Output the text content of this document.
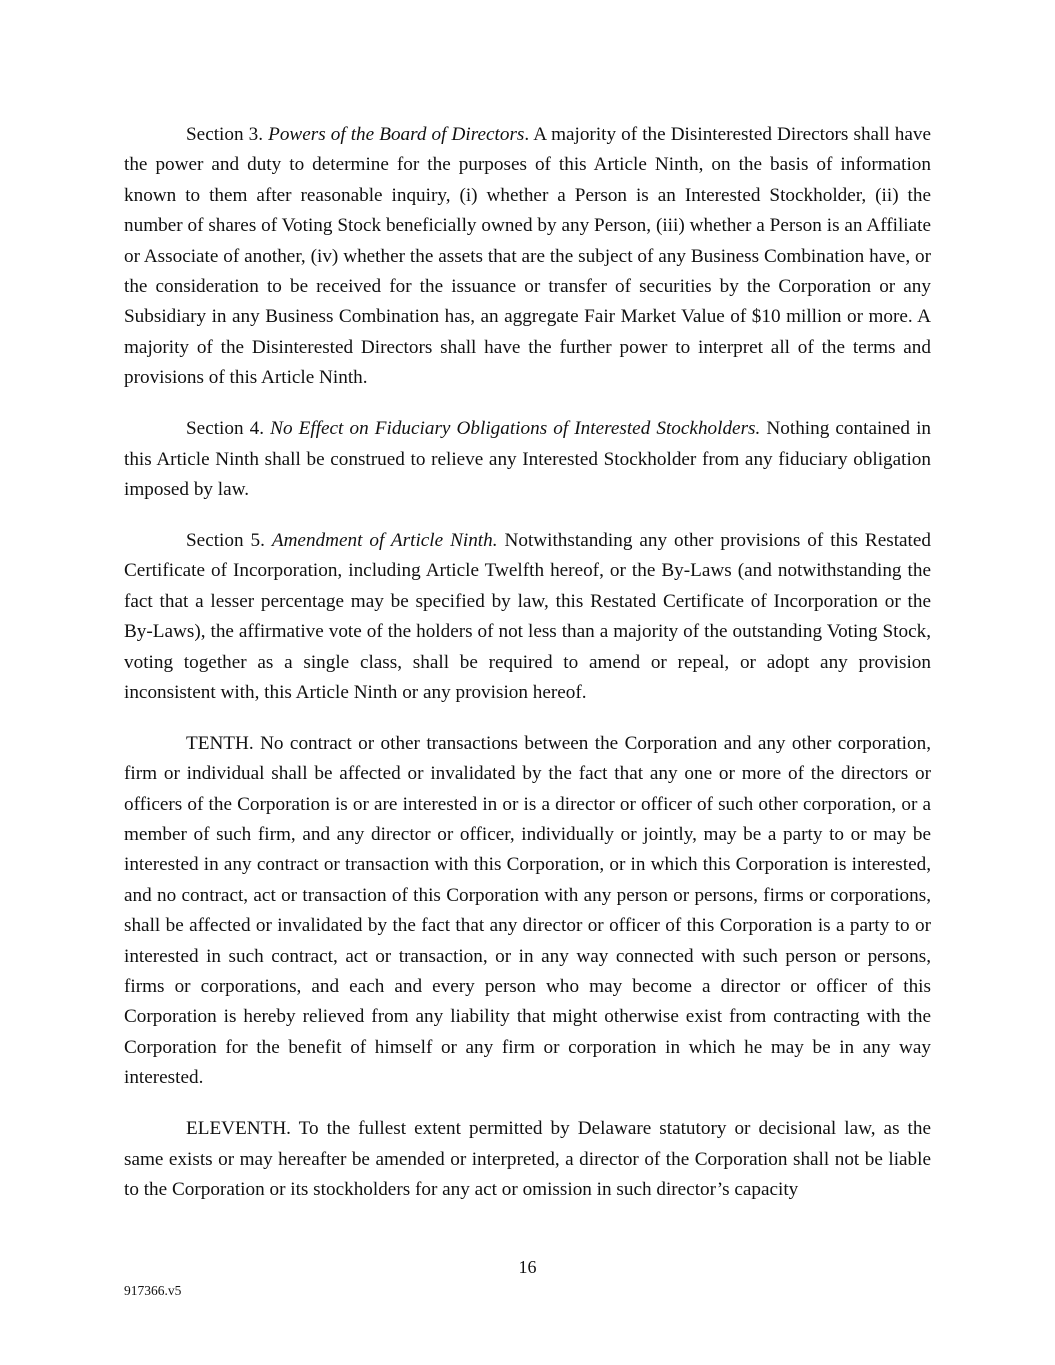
Section 3. Powers of the Board of Directors. A majority of the Disinterested Directors shall have the power and duty to determine for the purposes of this Article Ninth, on the basis of information known to them after reasonable inquiry, (i) whether a Person is an Interested Stockholder, (ii) the number of shares of Voting Stock beneficially owned by any Person, (iii) whether a Person is an Affiliate or Associate of another, (iv) whether the assets that are the subject of any Business Combination have, or the consideration to be received for the issuance or transfer of securities by the Corporation or any Subsidiary in any Business Combination has, an aggregate Fair Market Value of $10 million or more. A majority of the Disinterested Directors shall have the further power to interpret all of the terms and provisions of this Article Ninth.

Section 4. No Effect on Fiduciary Obligations of Interested Stockholders. Nothing contained in this Article Ninth shall be construed to relieve any Interested Stockholder from any fiduciary obligation imposed by law.

Section 5. Amendment of Article Ninth. Notwithstanding any other provisions of this Restated Certificate of Incorporation, including Article Twelfth hereof, or the By-Laws (and notwithstanding the fact that a lesser percentage may be specified by law, this Restated Certificate of Incorporation or the By-Laws), the affirmative vote of the holders of not less than a majority of the outstanding Voting Stock, voting together as a single class, shall be required to amend or repeal, or adopt any provision inconsistent with, this Article Ninth or any provision hereof.

TENTH. No contract or other transactions between the Corporation and any other corporation, firm or individual shall be affected or invalidated by the fact that any one or more of the directors or officers of the Corporation is or are interested in or is a director or officer of such other corporation, or a member of such firm, and any director or officer, individually or jointly, may be a party to or may be interested in any contract or transaction with this Corporation, or in which this Corporation is interested, and no contract, act or transaction of this Corporation with any person or persons, firms or corporations, shall be affected or invalidated by the fact that any director or officer of this Corporation is a party to or interested in such contract, act or transaction, or in any way connected with such person or persons, firms or corporations, and each and every person who may become a director or officer of this Corporation is hereby relieved from any liability that might otherwise exist from contracting with the Corporation for the benefit of himself or any firm or corporation in which he may be in any way interested.

ELEVENTH. To the fullest extent permitted by Delaware statutory or decisional law, as the same exists or may hereafter be amended or interpreted, a director of the Corporation shall not be liable to the Corporation or its stockholders for any act or omission in such director’s capacity

16
917366.v5
